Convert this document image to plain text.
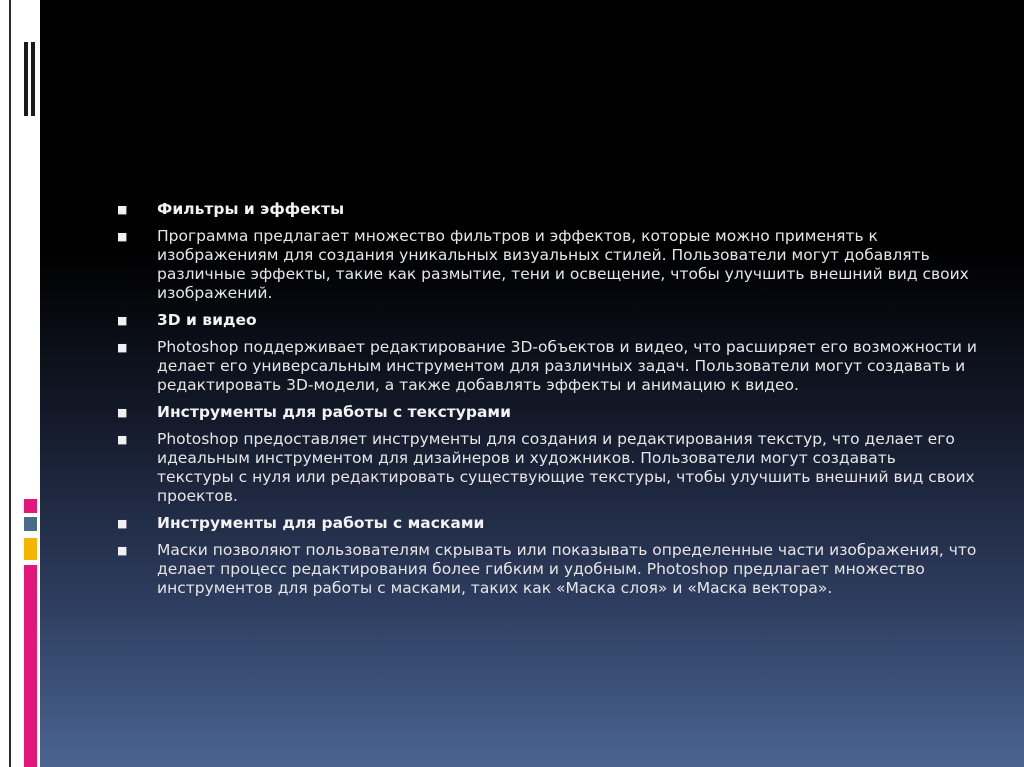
■ Фильтры и эффекты
■ Программа предлагает множество фильтров и эффектов, которые можно применять к изображениям для создания уникальных визуальных стилей. Пользователи могут добавлять различные эффекты, такие как размытие, тени и освещение, чтобы улучшить внешний вид своих изображений.
■ 3D и видео
■ Photoshop поддерживает редактирование 3D-объектов и видео, что расширяет его возможности и делает его универсальным инструментом для различных задач. Пользователи могут создавать и редактировать 3D-модели, а также добавлять эффекты и анимацию к видео.
■ Инструменты для работы с текстурами
■ Photoshop предоставляет инструменты для создания и редактирования текстур, что делает его идеальным инструментом для дизайнеров и художников. Пользователи могут создавать текстуры с нуля или редактировать существующие текстуры, чтобы улучшить внешний вид своих проектов.
■ Инструменты для работы с масками
■ Маски позволяют пользователям скрывать или показывать определенные части изображения, что делает процесс редактирования более гибким и удобным. Photoshop предлагает множество инструментов для работы с масками, таких как «Маска слоя» и «Маска вектора».
